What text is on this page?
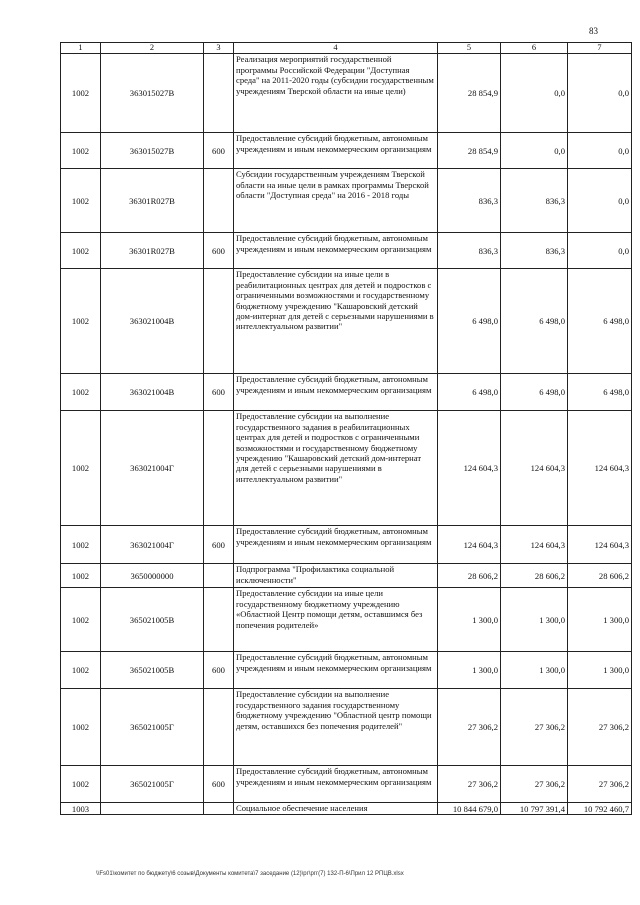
83
1	2	3	4	5	6	7
1002	363015027В		Реализация мероприятий государственной программы Российской Федерации "Доступная среда" на 2011-2020 годы (субсидии государственным учреждениям Тверской области на иные цели)	28 854,9	0,0	0,0
1002	363015027В	600	Предоставление субсидий бюджетным, автономным учреждениям и иным некоммерческим организациям	28 854,9	0,0	0,0
1002	36301R027В		Субсидии государственным учреждениям Тверской области на иные цели в рамках программы Тверской области "Доступная среда" на 2016 - 2018 годы	836,3	836,3	0,0
1002	36301R027В	600	Предоставление субсидий бюджетным, автономным учреждениям и иным некоммерческим организациям	836,3	836,3	0,0
1002	363021004В		Предоставление субсидии на иные цели в реабилитационных центрах для детей и подростков с ограниченными возможностями и государственному бюджетному учреждению "Кашаровский детский дом-интернат для детей с серьезными нарушениями в интеллектуальном развитии"	6 498,0	6 498,0	6 498,0
1002	363021004В	600	Предоставление субсидий бюджетным, автономным учреждениям и иным некоммерческим организациям	6 498,0	6 498,0	6 498,0
1002	363021004Г		Предоставление субсидии на выполнение государственного задания в реабилитационных центрах для детей и подростков с ограниченными возможностями и государственному бюджетному учреждению "Кашаровский детский дом-интернат для детей с серьезными нарушениями в интеллектуальном развитии"	124 604,3	124 604,3	124 604,3
1002	363021004Г	600	Предоставление субсидий бюджетным, автономным учреждениям и иным некоммерческим организациям	124 604,3	124 604,3	124 604,3
1002	3650000000		Подпрограмма "Профилактика социальной исключенности"	28 606,2	28 606,2	28 606,2
1002	365021005В		Предоставление субсидии на иные цели государственному бюджетному учреждению «Областной Центр помощи детям, оставшимся без попечения родителей»	1 300,0	1 300,0	1 300,0
1002	365021005В	600	Предоставление субсидий бюджетным, автономным учреждениям и иным некоммерческим организациям	1 300,0	1 300,0	1 300,0
1002	365021005Г		Предоставление субсидии на выполнение государственного задания государственному бюджетному учреждению "Областной центр помощи детям, оставшихся без попечения родителей"	27 306,2	27 306,2	27 306,2
1002	365021005Г	600	Предоставление субсидий бюджетным, автономным учреждениям и иным некоммерческим организациям	27 306,2	27 306,2	27 306,2
1003			Социальное обеспечение населения	10 844 679,0	10 797 391,4	10 792 460,7
\\Fs01\комитет по бюджету\6 созыв\Документы комитета\7 заседание (12)\рг\ргг(7) 132-П-6\Прил 12 РПЦВ.xlsx
